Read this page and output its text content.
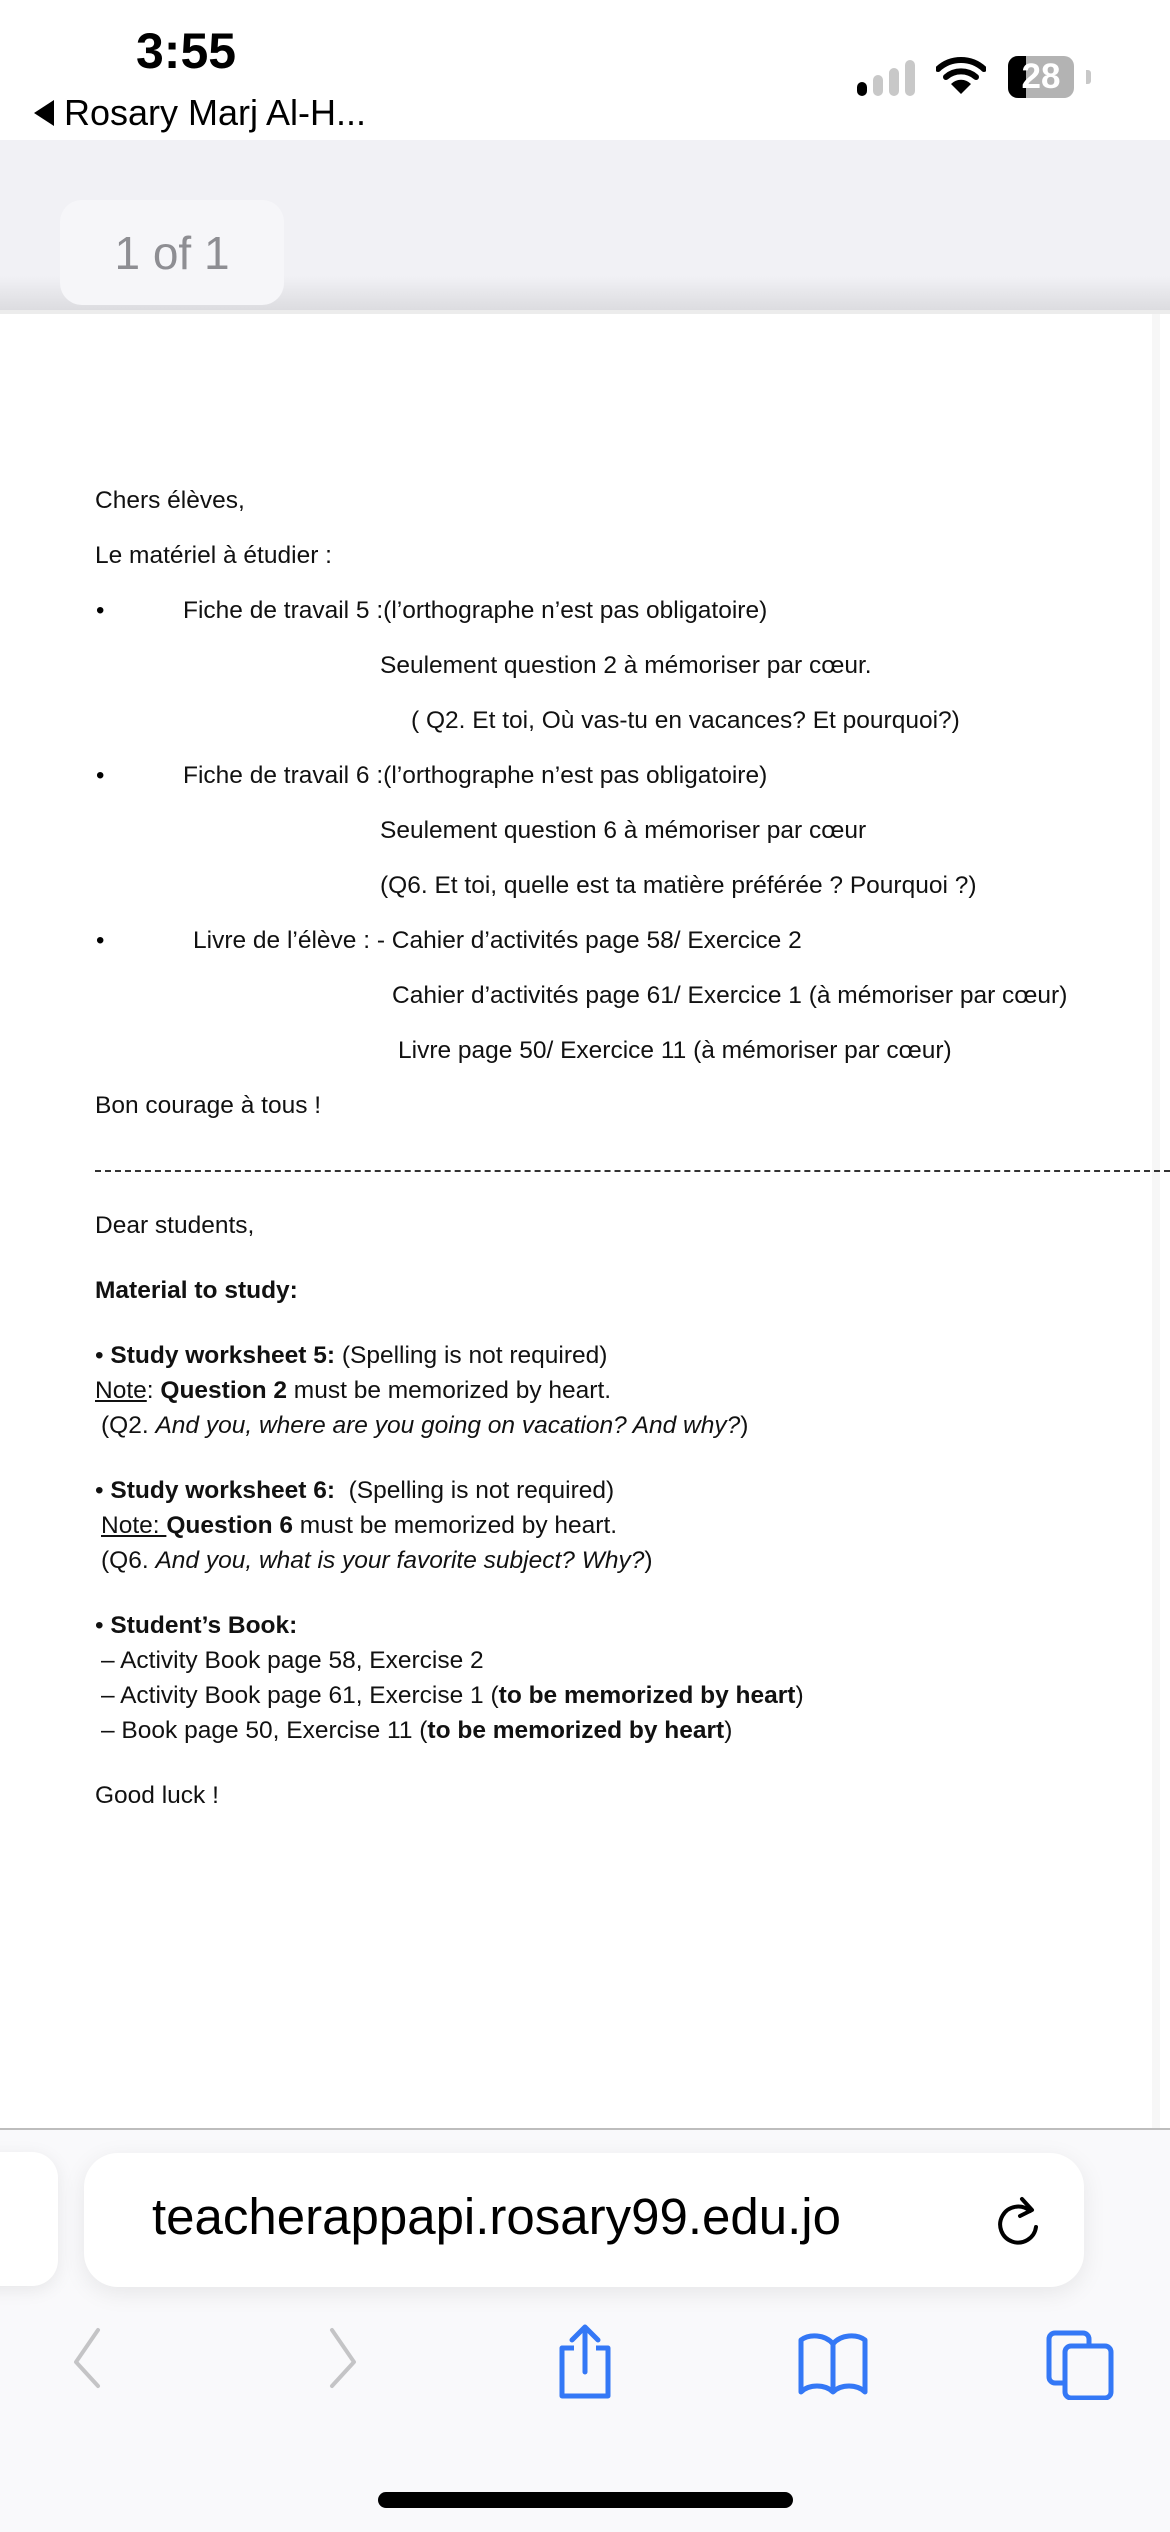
3:55
Rosary Marj Al-H...
28
1 of 1
Chers élèves,
Le matériel à étudier :
•	Fiche de travail 5 :(l’orthographe n’est pas obligatoire)
Seulement question 2 à mémoriser par cœur.
( Q2. Et toi, Où vas-tu en vacances? Et pourquoi?)
•	Fiche de travail 6 :(l’orthographe n’est pas obligatoire)
Seulement question 6 à mémoriser par cœur
(Q6. Et toi, quelle est ta matière préférée ? Pourquoi ?)
•	Livre de l’élève : - Cahier d’activités page 58/ Exercice 2
Cahier d’activités page 61/ Exercice 1 (à mémoriser par cœur)
Livre page 50/ Exercice 11 (à mémoriser par cœur)
Bon courage à tous !
Dear students,
Material to study:
• Study worksheet 5: (Spelling is not required)
Note: Question 2 must be memorized by heart.
(Q2. And you, where are you going on vacation? And why?)
• Study worksheet 6:  (Spelling is not required)
Note: Question 6 must be memorized by heart.
(Q6. And you, what is your favorite subject? Why?)
• Student’s Book:
– Activity Book page 58, Exercise 2
– Activity Book page 61, Exercise 1 (to be memorized by heart)
– Book page 50, Exercise 11 (to be memorized by heart)
Good luck !
teacherappapi.rosary99.edu.jo
